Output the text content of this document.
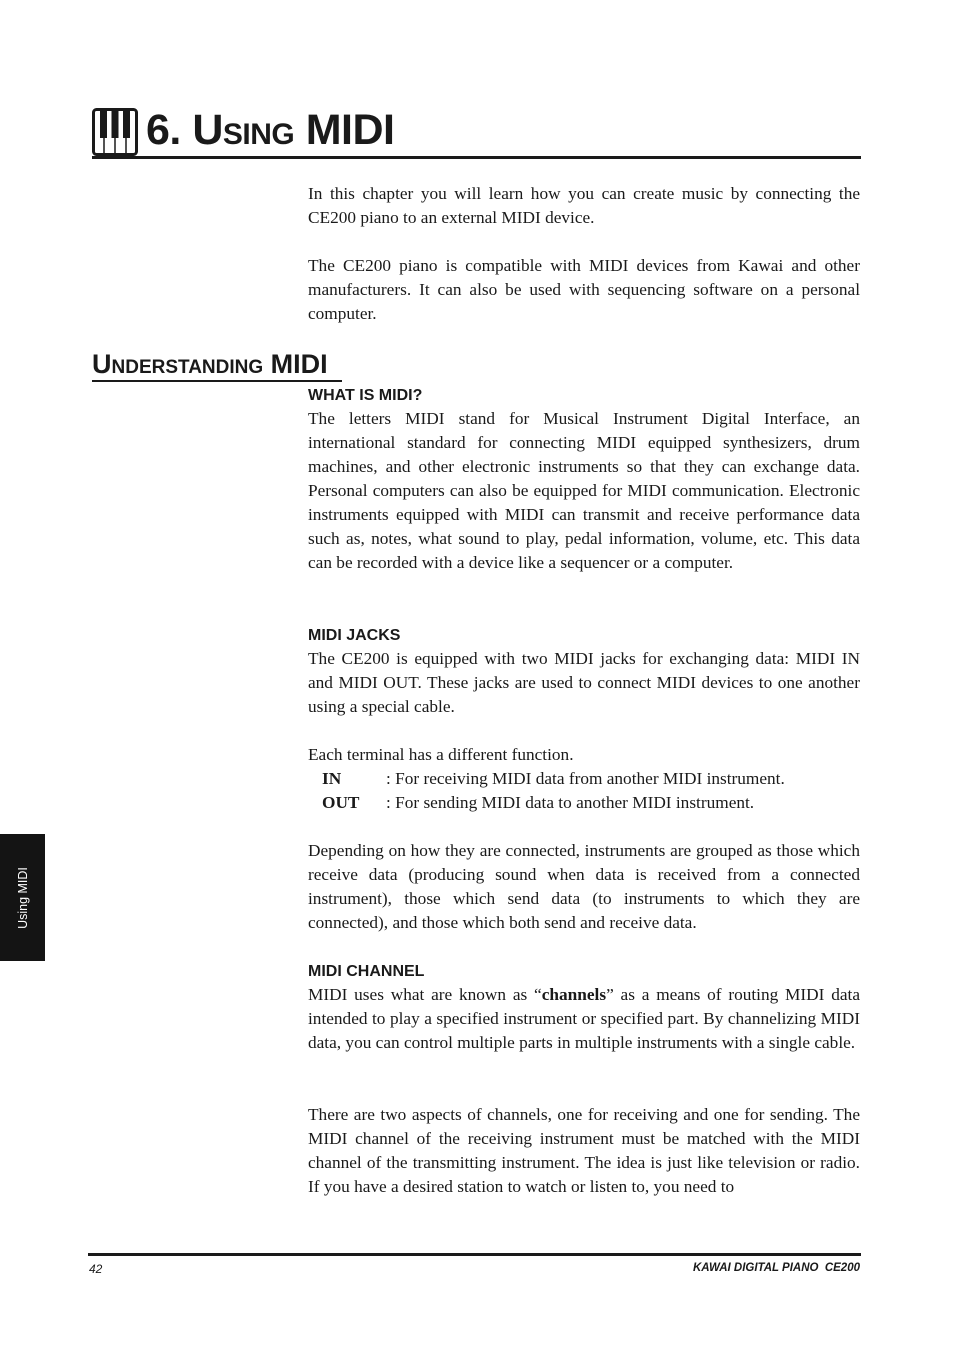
6. USING MIDI

In this chapter you will learn how you can create music by connecting the CE200 piano to an external MIDI device.

The CE200 piano is compatible with MIDI devices from Kawai and other manufacturers. It can also be used with sequencing software on a personal computer.

UNDERSTANDING MIDI
WHAT IS MIDI?

The letters MIDI stand for Musical Instrument Digital Interface, an international standard for connecting MIDI equipped synthesizers, drum machines, and other electronic instruments so that they can exchange data. Personal computers can also be equipped for MIDI communication. Electronic instruments equipped with MIDI can transmit and receive performance data such as, notes, what sound to play, pedal information, volume, etc. This data can be recorded with a device like a sequencer or a computer.

MIDI JACKS

The CE200 is equipped with two MIDI jacks for exchanging data: MIDI IN and MIDI OUT. These jacks are used to connect MIDI devices to one another using a special cable.

Each terminal has a different function.

IN	: For receiving MIDI data from another MIDI instrument.
OUT : For sending MIDI data to another MIDI instrument.

Depending on how they are connected, instruments are grouped as those which receive data (producing sound when data is received from a connected instrument), those which send data (to instruments to which they are connected), and those which both send and receive data.

MIDI CHANNEL

MIDI uses what are known as “channels” as a means of routing MIDI data intended to play a specified instrument or specified part. By channelizing MIDI data, you can control multiple parts in multiple instruments with a single cable.

There are two aspects of channels, one for receiving and one for sending. The MIDI channel of the receiving instrument must be matched with the MIDI channel of the transmitting instrument. The idea is just like television or radio. If you have a desired station to watch or listen to, you need to

Using MIDI
42	KAWAI DIGITAL PIANO  CE200
